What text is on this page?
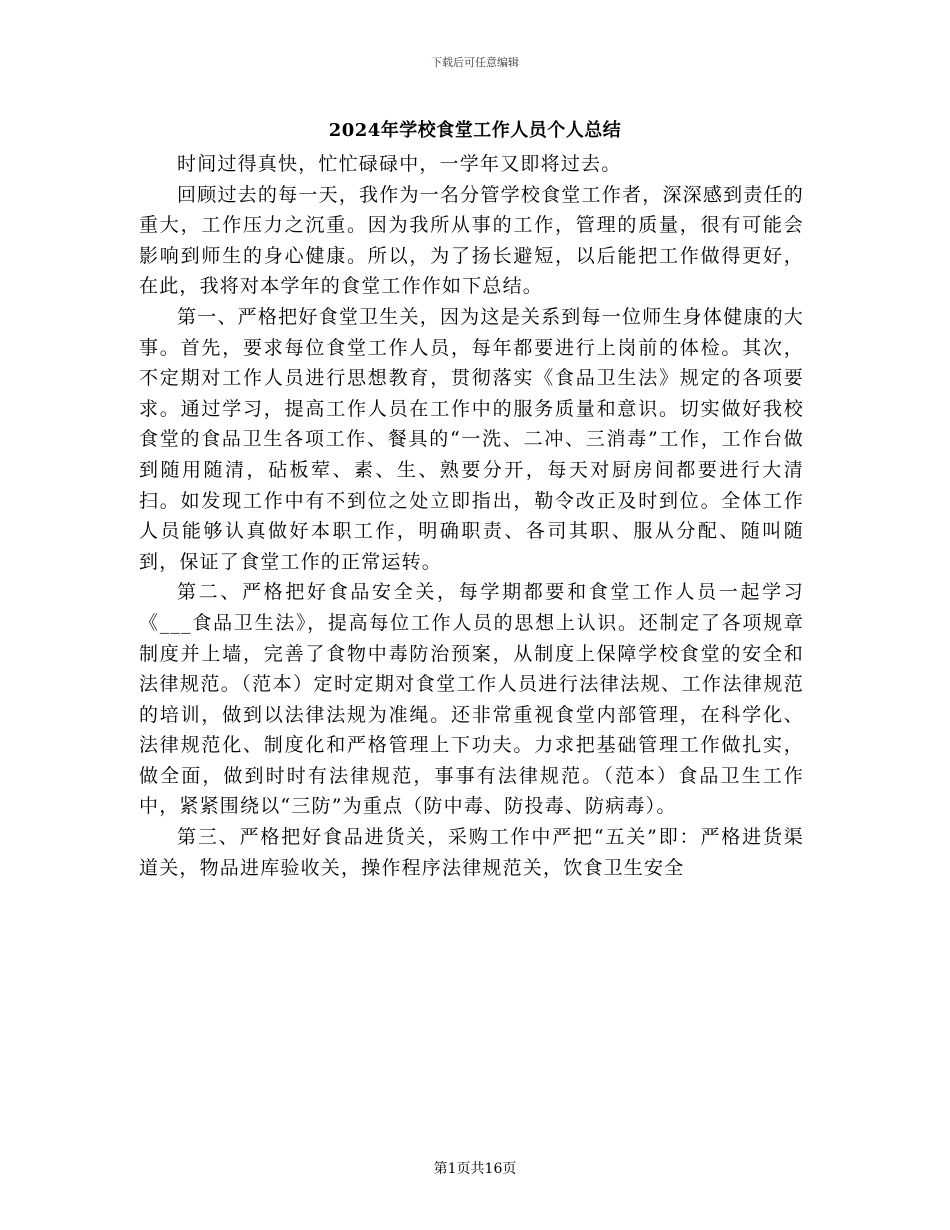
下载后可任意编辑
2024年学校食堂工作人员个人总结

时间过得真快，忙忙碌碌中，一学年又即将过去。

回顾过去的每一天，我作为一名分管学校食堂工作者，深深感到责任的重大，工作压力之沉重。因为我所从事的工作，管理的质量，很有可能会影响到师生的身心健康。所以，为了扬长避短，以后能把工作做得更好，在此，我将对本学年的食堂工作作如下总结。

第一、严格把好食堂卫生关，因为这是关系到每一位师生身体健康的大事。首先，要求每位食堂工作人员，每年都要进行上岗前的体检。其次，不定期对工作人员进行思想教育，贯彻落实《食品卫生法》规定的各项要求。通过学习，提高工作人员在工作中的服务质量和意识。切实做好我校食堂的食品卫生各项工作、餐具的“一洗、二冲、三消毒”工作，工作台做到随用随清，砧板荤、素、生、熟要分开，每天对厨房间都要进行大清扫。如发现工作中有不到位之处立即指出，勒令改正及时到位。全体工作人员能够认真做好本职工作，明确职责、各司其职、服从分配、随叫随到，保证了食堂工作的正常运转。

第二、严格把好食品安全关，每学期都要和食堂工作人员一起学习《___食品卫生法》，提高每位工作人员的思想上认识。还制定了各项规章制度并上墙，完善了食物中毒防治预案，从制度上保障学校食堂的安全和法律规范。（范本）定时定期对食堂工作人员进行法律法规、工作法律规范的培训，做到以法律法规为准绳。还非常重视食堂内部管理，在科学化、法律规范化、制度化和严格管理上下功夫。力求把基础管理工作做扎实，做全面，做到时时有法律规范，事事有法律规范。（范本）食品卫生工作中，紧紧围绕以“三防”为重点（防中毒、防投毒、防病毒）。

第三、严格把好食品进货关，采购工作中严把“五关”即：严格进货渠道关，物品进库验收关，操作程序法律规范关，饮食卫生安全

第1页共16页
